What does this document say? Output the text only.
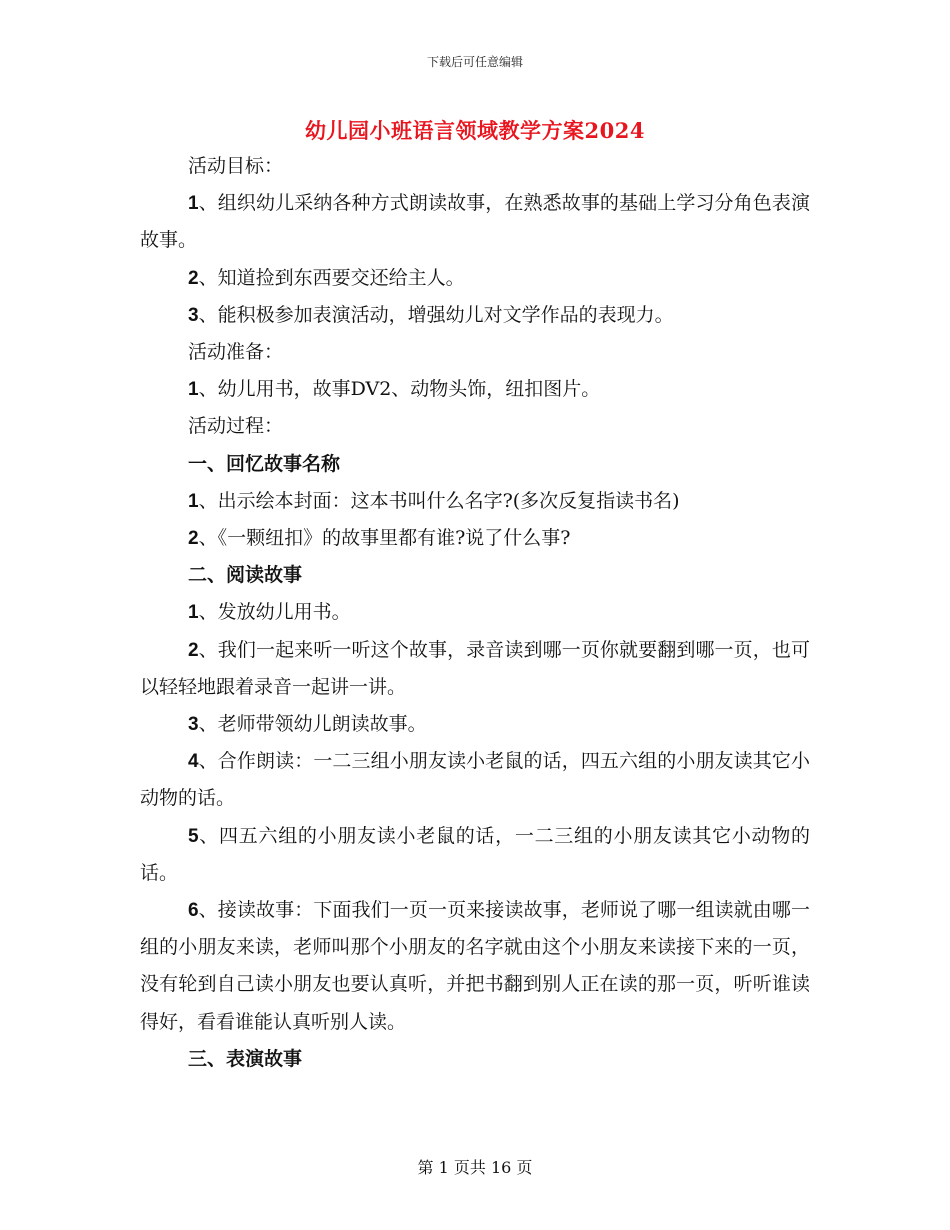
下载后可任意编辑
幼儿园小班语言领域教学方案2024

活动目标：

1、组织幼儿采纳各种方式朗读故事，在熟悉故事的基础上学习分角色表演故事。

2、知道捡到东西要交还给主人。

3、能积极参加表演活动，增强幼儿对文学作品的表现力。

活动准备：

1、幼儿用书，故事DV2、动物头饰，纽扣图片。

活动过程：

一、回忆故事名称

1、出示绘本封面：这本书叫什么名字?(多次反复指读书名)

2、《一颗纽扣》的故事里都有谁?说了什么事?

二、阅读故事

1、发放幼儿用书。

2、我们一起来听一听这个故事，录音读到哪一页你就要翻到哪一页，也可以轻轻地跟着录音一起讲一讲。

3、老师带领幼儿朗读故事。

4、合作朗读：一二三组小朋友读小老鼠的话，四五六组的小朋友读其它小动物的话。

5、四五六组的小朋友读小老鼠的话，一二三组的小朋友读其它小动物的话。

6、接读故事：下面我们一页一页来接读故事，老师说了哪一组读就由哪一组的小朋友来读，老师叫那个小朋友的名字就由这个小朋友来读接下来的一页，没有轮到自己读小朋友也要认真听，并把书翻到别人正在读的那一页，听听谁读得好，看看谁能认真听别人读。

三、表演故事

第 1 页共 16 页
